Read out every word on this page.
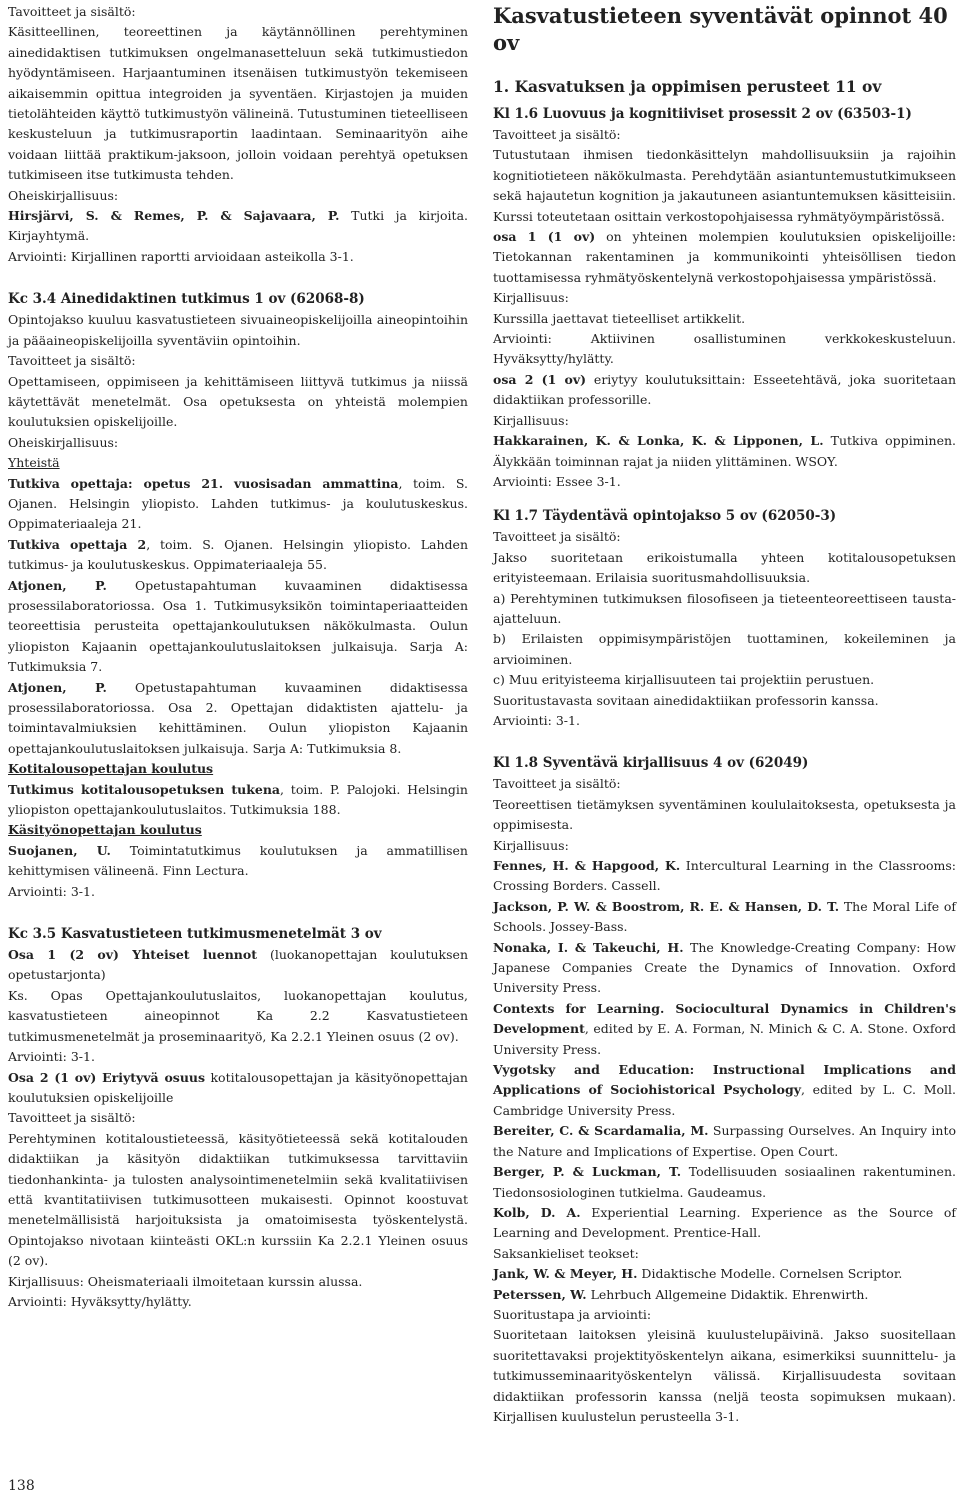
Tavoitteet ja sisältö:

Käsitteellinen, teoreettinen ja käytännöllinen perehtyminen ainedidaktisen tutkimuksen ongelmanasetteluun sekä tutkimustiedon hyödyntämiseen. Harjaantuminen itsenäisen tutkimustyön tekemiseen aikaisemmin opittua integroiden ja syventäen. Kirjastojen ja muiden tietolähteiden käyttö tutkimustyön välineinä. Tutustuminen tieteelliseen keskusteluun ja tutkimusraportin laadintaan. Seminaarityön aihe voidaan liittää praktikum-jaksoon, jolloin voidaan perehtyä opetuksen tutkimiseen itse tutkimusta tehden.

Oheiskirjallisuus:

Hirsjärvi, S. & Remes, P. & Sajavaara, P. Tutki ja kirjoita. Kirjayhtymä.

Arviointi: Kirjallinen raportti arvioidaan asteikolla 3-1.

Kc 3.4 Ainedidaktinen tutkimus 1 ov (62068-8)

Opintojakso kuuluu kasvatustieteen sivuaineopiskelijoilla aineopintoihin ja pääaineopiskelijoilla syventäviin opintoihin.

Tavoitteet ja sisältö:

Opettamiseen, oppimiseen ja kehittämiseen liittyvä tutkimus ja niissä käytettävät menetelmät. Osa opetuksesta on yhteistä molempien koulutuksien opiskelijoille.

Oheiskirjallisuus:

Yhteistä

Tutkiva opettaja: opetus 21. vuosisadan ammattina, toim. S. Ojanen. Helsingin yliopisto. Lahden tutkimus- ja koulutuskeskus. Oppimateriaaleja 21.

Tutkiva opettaja 2, toim. S. Ojanen. Helsingin yliopisto. Lahden tutkimus- ja koulutuskeskus. Oppimateriaaleja 55.

Atjonen, P. Opetustapahtuman kuvaaminen didaktisessa prosessilaboratoriossa. Osa 1. Tutkimusyksikön toimintaperiaatteiden teoreettisia perusteita opettajankoulutuksen näkökulmasta. Oulun yliopiston Kajaanin opettajankoulutuslaitoksen julkaisuja. Sarja A: Tutkimuksia 7.

Atjonen, P. Opetustapahtuman kuvaaminen didaktisessa prosessilaboratoriossa. Osa 2. Opettajan didaktisten ajattelu- ja toimintavalmiuksien kehittäminen. Oulun yliopiston Kajaanin opettajankoulutuslaitoksen julkaisuja. Sarja A: Tutkimuksia 8.

Kotitalousopettajan koulutus

Tutkimus kotitalousopetuksen tukena, toim. P. Palojoki. Helsingin yliopiston opettajankoulutuslaitos. Tutkimuksia 188.

Käsityönopettajan koulutus

Suojanen, U. Toimintatutkimus koulutuksen ja ammatillisen kehittymisen välineenä. Finn Lectura.

Arviointi: 3-1.

Kc 3.5 Kasvatustieteen tutkimusmenetelmät 3 ov

Osa 1 (2 ov) Yhteiset luennot (luokanopettajan koulutuksen opetustarjonta)

Ks. Opas Opettajankoulutuslaitos, luokanopettajan koulutus, kasvatustieteen aineopinnot Ka 2.2 Kasvatustieteen tutkimusmenetelmät ja proseminaarityö, Ka 2.2.1 Yleinen osuus (2 ov).

Arviointi: 3-1.

Osa 2 (1 ov) Eriytyvä osuus kotitalousopettajan ja käsityönopettajan koulutuksien opiskelijoille

Tavoitteet ja sisältö:

Perehtyminen kotitaloustieteessä, käsityötieteessä sekä kotitalouden didaktiikan ja käsityön didaktiikan tutkimuksessa tarvittaviin tiedonhankinta- ja tulosten analysointimenetelmiin sekä kvalitatiivisen että kvantitatiivisen tutkimusotteen mukaisesti. Opinnot koostuvat menetelmällisistä harjoituksista ja omatoimisesta työskentelystä. Opintojakso nivotaan kiinteästi OKL:n kurssiin Ka 2.2.1 Yleinen osuus (2 ov).

Kirjallisuus: Oheismateriaali ilmoitetaan kurssin alussa.

Arviointi: Hyväksytty/hylätty.

Kasvatustieteen syventävät opinnot 40 ov

1. Kasvatuksen ja oppimisen perusteet 11 ov

Kl 1.6 Luovuus ja kognitiiviset prosessit 2 ov (63503-1)

Tavoitteet ja sisältö:

Tutustutaan ihmisen tiedonkäsittelyn mahdollisuuksiin ja rajoihin kognitiotieteen näkökulmasta. Perehdytään asiantuntemustutkimukseen sekä hajautetun kognition ja jakautuneen asiantuntemuksen käsitteisiin. Kurssi toteutetaan osittain verkostopohjaisessa ryhmätyöympäristössä.

osa 1 (1 ov) on yhteinen molempien koulutuksien opiskelijoille: Tietokannan rakentaminen ja kommunikointi yhteisöllisen tiedon tuottamisessa ryhmätyöskentelynä verkostopohjaisessa ympäristössä.

Kirjallisuus:

Kurssilla jaettavat tieteelliset artikkelit.

Arviointi: Aktiivinen osallistuminen verkkokeskusteluun. Hyväksytty/hylätty.

osa 2 (1 ov) eriytyy koulutuksittain: Esseetehtävä, joka suoritetaan didaktiikan professorille.

Kirjallisuus:

Hakkarainen, K. & Lonka, K. & Lipponen, L. Tutkiva oppiminen. Älykkään toiminnan rajat ja niiden ylittäminen. WSOY.

Arviointi: Essee 3-1.

Kl 1.7 Täydentävä opintojakso 5 ov (62050-3)

Tavoitteet ja sisältö:

Jakso suoritetaan erikoistumalla yhteen kotitalousopetuksen erityisteemaan. Erilaisia suoritusmahdollisuuksia.

a) Perehtyminen tutkimuksen filosofiseen ja tieteenteoreettiseen tausta-ajatteluun.

b) Erilaisten oppimisympäristöjen tuottaminen, kokeileminen ja arvioiminen.

c) Muu erityisteema kirjallisuuteen tai projektiin perustuen.

Suoritustavasta sovitaan ainedidaktiikan professorin kanssa.

Arviointi: 3-1.

Kl 1.8 Syventävä kirjallisuus 4 ov (62049)

Tavoitteet ja sisältö:

Teoreettisen tietämyksen syventäminen koululaitoksesta, opetuksesta ja oppimisesta.

Kirjallisuus:

Fennes, H. & Hapgood, K. Intercultural Learning in the Classrooms: Crossing Borders. Cassell.

Jackson, P. W. & Boostrom, R. E. & Hansen, D. T. The Moral Life of Schools. Jossey-Bass.

Nonaka, I. & Takeuchi, H. The Knowledge-Creating Company: How Japanese Companies Create the Dynamics of Innovation. Oxford University Press.

Contexts for Learning. Sociocultural Dynamics in Children's Development, edited by E. A. Forman, N. Minich & C. A. Stone. Oxford University Press.

Vygotsky and Education: Instructional Implications and Applications of Sociohistorical Psychology, edited by L. C. Moll. Cambridge University Press.

Bereiter, C. & Scardamalia, M. Surpassing Ourselves. An Inquiry into the Nature and Implications of Expertise. Open Court.

Berger, P. & Luckman, T. Todellisuuden sosiaalinen rakentuminen. Tiedonsosiologinen tutkielma. Gaudeamus.

Kolb, D. A. Experiential Learning. Experience as the Source of Learning and Development. Prentice-Hall.

Saksankieliset teokset:

Jank, W. & Meyer, H. Didaktische Modelle. Cornelsen Scriptor.

Peterssen, W. Lehrbuch Allgemeine Didaktik. Ehrenwirth.

Suoritustapa ja arviointi:

Suoritetaan laitoksen yleisinä kuulustelupäivinä. Jakso suositellaan suoritettavaksi projektityöskentelyn aikana, esimerkiksi suunnittelu- ja tutkimusseminaarityöskentelyn välissä. Kirjallisuudesta sovitaan didaktiikan professorin kanssa (neljä teosta sopimuksen mukaan). Kirjallisen kuulustelun perusteella 3-1.

138
